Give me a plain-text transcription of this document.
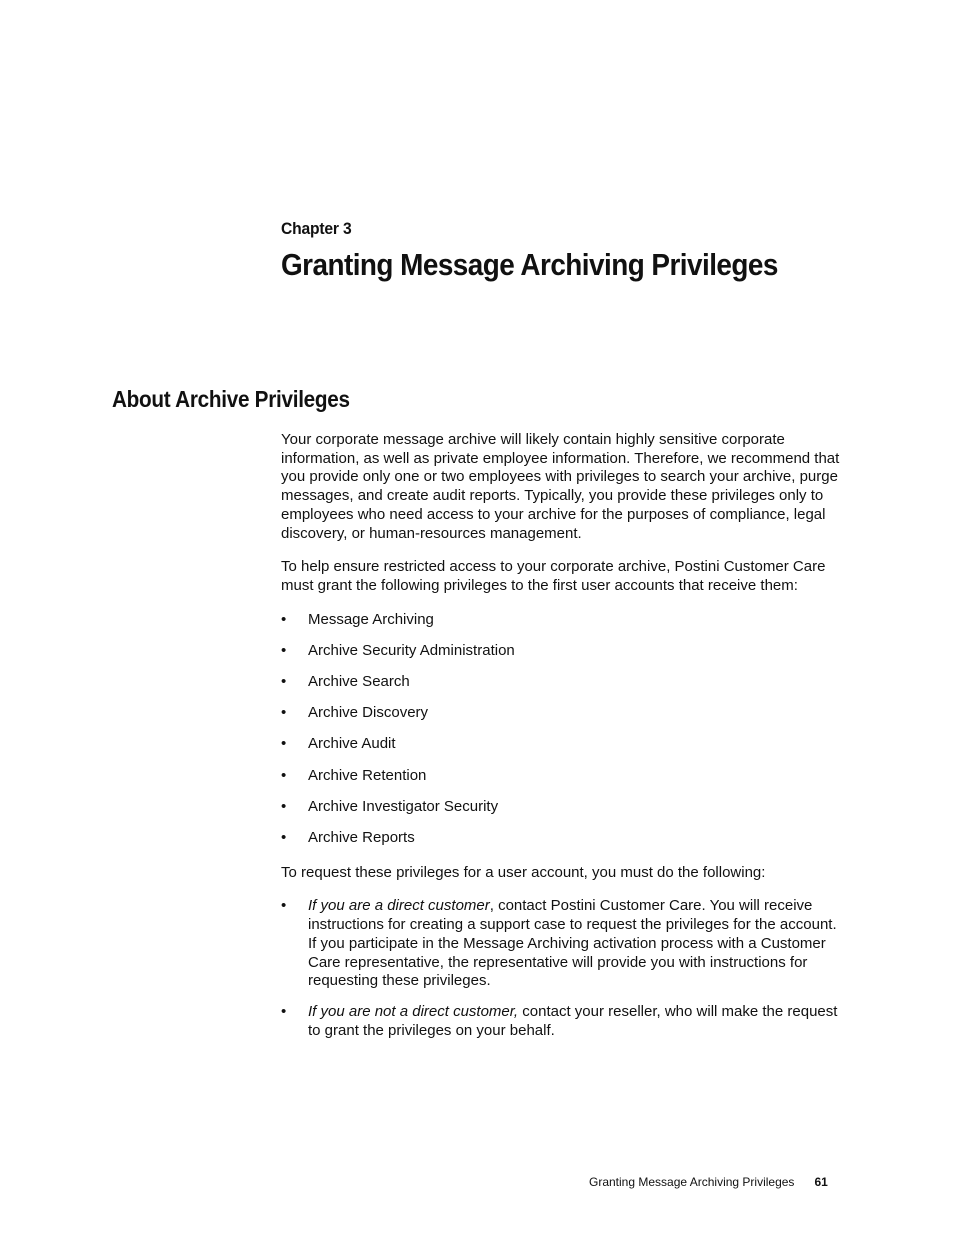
Chapter 3
Granting Message Archiving Privileges
About Archive Privileges

Your corporate message archive will likely contain highly sensitive corporate information, as well as private employee information. Therefore, we recommend that you provide only one or two employees with privileges to search your archive, purge messages, and create audit reports. Typically, you provide these privileges only to employees who need access to your archive for the purposes of compliance, legal discovery, or human-resources management.

To help ensure restricted access to your corporate archive, Postini Customer Care must grant the following privileges to the first user accounts that receive them:

• Message Archiving
• Archive Security Administration
• Archive Search
• Archive Discovery
• Archive Audit
• Archive Retention
• Archive Investigator Security
• Archive Reports

To request these privileges for a user account, you must do the following:

• If you are a direct customer, contact Postini Customer Care. You will receive instructions for creating a support case to request the privileges for the account. If you participate in the Message Archiving activation process with a Customer Care representative, the representative will provide you with instructions for requesting these privileges.
• If you are not a direct customer, contact your reseller, who will make the request to grant the privileges on your behalf.
Granting Message Archiving Privileges 61
